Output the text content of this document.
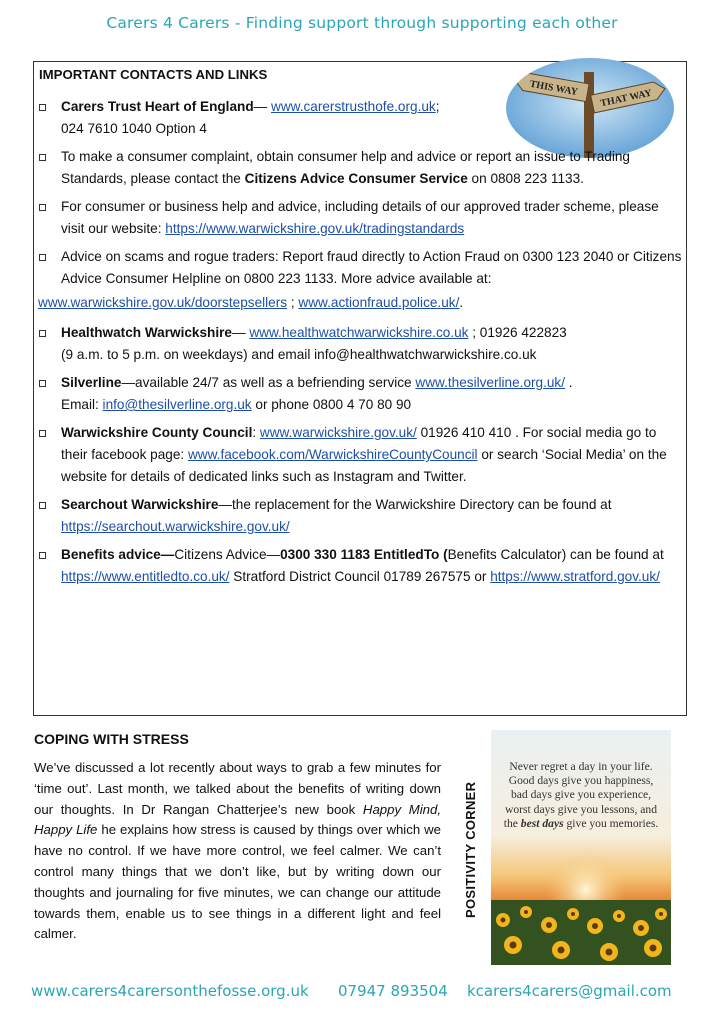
Carers 4 Carers - Finding support through supporting each other
IMPORTANT CONTACTS AND LINKS
THIS WAY THAT WAY
Carers Trust Heart of England— www.carerstrusthofe.org.uk;
024 7610 1040 Option 4
To make a consumer complaint, obtain consumer help and advice or report an issue to Trading Standards, please contact the Citizens Advice Consumer Service on 0808 223 1133.
For consumer or business help and advice, including details of our approved trader scheme, please visit our website: https://www.warwickshire.gov.uk/tradingstandards
Advice on scams and rogue traders: Report fraud directly to Action Fraud on 0300 123 2040 or Citizens Advice Consumer Helpline on 0800 223 1133. More advice available at:
www.warwickshire.gov.uk/doorstepsellers ; www.actionfraud.police.uk/.
Healthwatch Warwickshire— www.healthwatchwarwickshire.co.uk ; 01926 422823
(9 a.m. to 5 p.m. on weekdays) and email info@healthwatchwarwickshire.co.uk
Silverline—available 24/7 as well as a befriending service www.thesilverline.org.uk/ .
Email: info@thesilverline.org.uk or phone 0800 4 70 80 90
Warwickshire County Council: www.warwickshire.gov.uk/ 01926 410 410 . For social media go to their facebook page: www.facebook.com/WarwickshireCountyCouncil or search ‘Social Media’ on the website for details of dedicated links such as Instagram and Twitter.
Searchout Warwickshire—the replacement for the Warwickshire Directory can be found at https://searchout.warwickshire.gov.uk/
Benefits advice—Citizens Advice—0300 330 1183 EntitledTo (Benefits Calculator) can be found at https://www.entitledto.co.uk/ Stratford District Council 01789 267575 or https://www.stratford.gov.uk/
COPING WITH STRESS
We’ve discussed a lot recently about ways to grab a few minutes for ‘time out’. Last month, we talked about the benefits of writing down our thoughts. In Dr Rangan Chatterjee’s new book Happy Mind, Happy Life he explains how stress is caused by things over which we have no control. If we have more control, we feel calmer. We can’t control many things that we don’t like, but by writing down our thoughts and journaling for five minutes, we can change our attitude towards them, enable us to see things in a different light and feel calmer.
POSITIVITY CORNER
Never regret a day in your life. Good days give you happiness, bad days give you experience, worst days give you lessons, and the best days give you memories.
www.carers4carersonthefosse.org.uk 07947 893504 kcarers4carers@gmail.com
